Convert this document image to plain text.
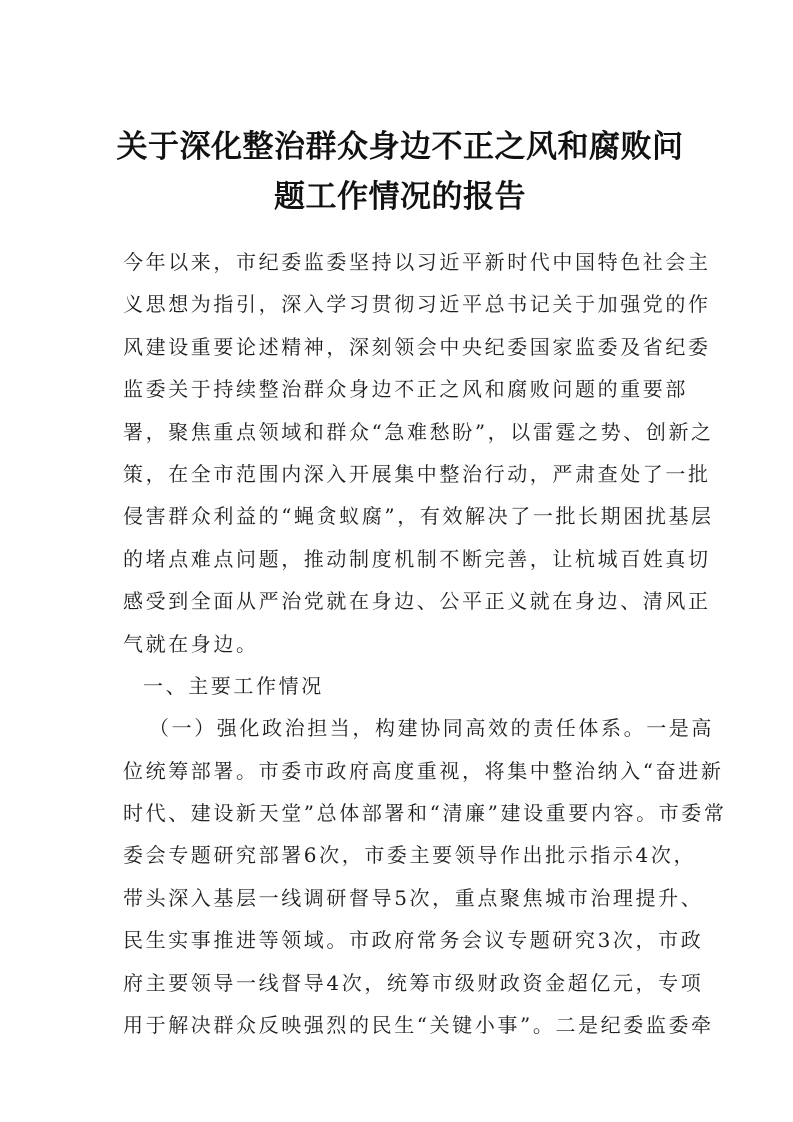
关于深化整治群众身边不正之风和腐败问
题工作情况的报告
今年以来，市纪委监委坚持以习近平新时代中国特色社会主
义思想为指引，深入学习贯彻习近平总书记关于加强党的作
风建设重要论述精神，深刻领会中央纪委国家监委及省纪委
监委关于持续整治群众身边不正之风和腐败问题的重要部
署，聚焦重点领域和群众“急难愁盼”，以雷霆之势、创新之
策，在全市范围内深入开展集中整治行动，严肃查处了一批
侵害群众利益的“蝇贪蚁腐”，有效解决了一批长期困扰基层
的堵点难点问题，推动制度机制不断完善，让杭城百姓真切
感受到全面从严治党就在身边、公平正义就在身边、清风正
气就在身边。
一、主要工作情况
（一）强化政治担当，构建协同高效的责任体系。一是高
位统筹部署。市委市政府高度重视，将集中整治纳入“奋进新
时代、建设新天堂”总体部署和“清廉”建设重要内容。市委常
委会专题研究部署6次，市委主要领导作出批示指示4次，
带头深入基层一线调研督导5次，重点聚焦城市治理提升、
民生实事推进等领域。市政府常务会议专题研究3次，市政
府主要领导一线督导4次，统筹市级财政资金超亿元，专项
用于解决群众反映强烈的民生“关键小事”。二是纪委监委牵
